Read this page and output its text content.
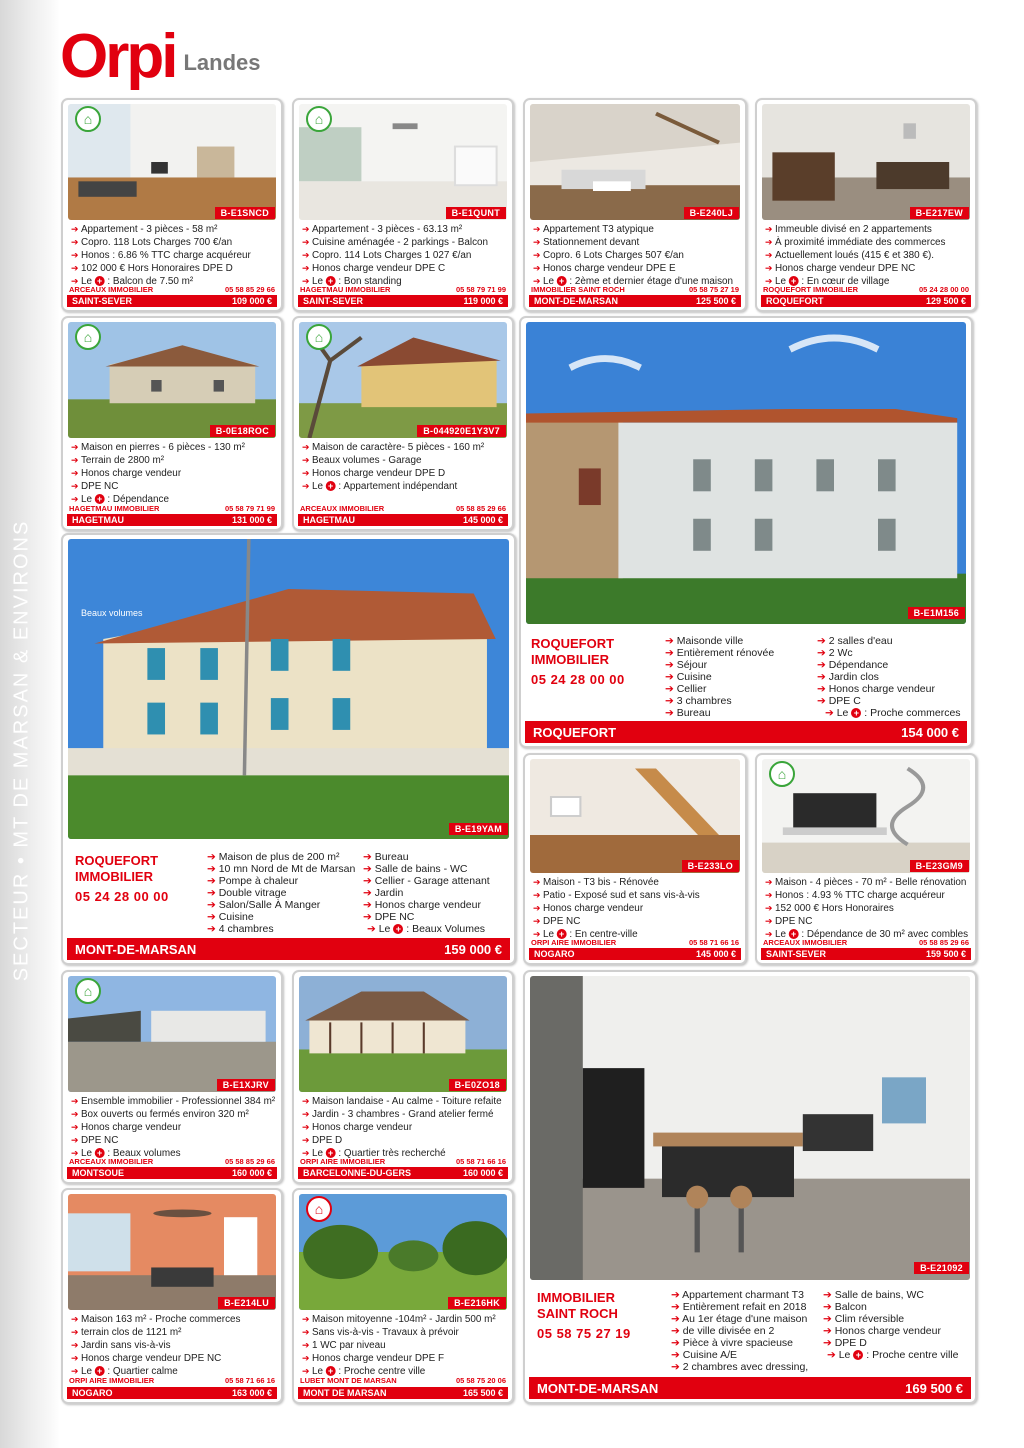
Orpi Landes
SECTEUR • MT DE MARSAN & ENVIRONS
⌂
B-E1SNCD
➔ Appartement - 3 pièces - 58 m²
➔ Copro. 118 Lots Charges 700 €/an
➔ Honos : 6.86 % TTC charge acquéreur
➔ 102 000 € Hors Honoraires DPE D
➔ Le + : Balcon de 7.50 m²
ARCEAUX IMMOBILIER	05 58 85 29 66
SAINT-SEVER	109 000 €
⌂
B-E1QUNT
➔ Appartement - 3 pièces - 63.13 m²
➔ Cuisine aménagée - 2 parkings - Balcon
➔ Copro. 114 Lots Charges 1 027 €/an
➔ Honos charge vendeur DPE C
➔ Le + : Bon standing
HAGETMAU IMMOBILIER	05 58 79 71 99
SAINT-SEVER	119 000 €
B-E240LJ
➔ Appartement T3 atypique
➔ Stationnement devant
➔ Copro. 6 Lots Charges 507 €/an
➔ Honos charge vendeur DPE E
➔ Le + : 2ème et dernier étage d'une maison
IMMOBILIER SAINT ROCH	05 58 75 27 19
MONT-DE-MARSAN	125 500 €
B-E217EW
➔ Immeuble divisé en 2 appartements
➔ À proximité immédiate des commerces
➔ Actuellement loués (415 € et 380 €).
➔ Honos charge vendeur DPE NC
➔ Le + : En cœur de village
ROQUEFORT IMMOBILIER	05 24 28 00 00
ROQUEFORT	129 500 €
⌂
B-0E18ROC
➔ Maison en pierres - 6 pièces - 130 m²
➔ Terrain de 2800 m²
➔ Honos charge vendeur
➔ DPE NC
➔ Le + : Dépendance
HAGETMAU IMMOBILIER	05 58 79 71 99
HAGETMAU	131 000 €
⌂
B-044920E1Y3V7
➔ Maison de caractère- 5 pièces - 160 m²
➔ Beaux volumes - Garage
➔ Honos charge vendeur DPE D
➔ Le + : Appartement indépendant
ARCEAUX IMMOBILIER	05 58 85 29 66
HAGETMAU	145 000 €
B-E1M156
ROQUEFORT
IMMOBILIER
05 24 28 00 00
➔ Maisonde ville
➔ Entièrement rénovée
➔ Séjour
➔ Cuisine
➔ Cellier
➔ 3 chambres
➔ Bureau
➔ 2 salles d'eau
➔ 2 Wc
➔ Dépendance
➔ Jardin clos
➔ Honos charge vendeur
➔ DPE C
➔ Le + : Proche commerces
ROQUEFORT	154 000 €
Beaux volumes
B-E19YAM
ROQUEFORT
IMMOBILIER
05 24 28 00 00
➔ Maison de plus de 200 m²
➔ 10 mn Nord de Mt de Marsan
➔ Pompe à chaleur
➔ Double vitrage
➔ Salon/Salle À Manger
➔ Cuisine
➔ 4 chambres
➔ Bureau
➔ Salle de bains - WC
➔ Cellier - Garage attenant
➔ Jardin
➔ Honos charge vendeur
➔ DPE NC
➔ Le + : Beaux Volumes
MONT-DE-MARSAN	159 000 €
B-E233LO
➔ Maison - T3 bis - Rénovée
➔ Patio - Exposé sud et sans vis-à-vis
➔ Honos charge vendeur
➔ DPE NC
➔ Le + : En centre-ville
ORPI AIRE IMMOBILIER	05 58 71 66 16
NOGARO	145 000 €
⌂
B-E23GM9
➔ Maison - 4 pièces - 70 m² - Belle rénovation
➔ Honos : 4.93 % TTC charge acquéreur
➔ 152 000 € Hors Honoraires
➔ DPE NC
➔ Le + : Dépendance de 30 m² avec combles
ARCEAUX IMMOBILIER	05 58 85 29 66
SAINT-SEVER	159 500 €
⌂
B-E1XJRV
➔ Ensemble immobilier - Professionnel 384 m²
➔ Box ouverts ou fermés environ 320 m²
➔ Honos charge vendeur
➔ DPE NC
➔ Le + : Beaux volumes
ARCEAUX IMMOBILIER	05 58 85 29 66
MONTSOUE	160 000 €
B-E0ZO18
➔ Maison landaise - Au calme - Toiture refaite
➔ Jardin - 3 chambres - Grand atelier fermé
➔ Honos charge vendeur
➔ DPE D
➔ Le + : Quartier très recherché
ORPI AIRE IMMOBILIER	05 58 71 66 16
BARCELONNE-DU-GERS	160 000 €
B-E21092
IMMOBILIER
SAINT ROCH
05 58 75 27 19
➔ Appartement charmant T3
➔ Entièrement refait en 2018
➔ Au 1er étage d'une maison
➔ de ville divisée en 2
➔ Pièce à vivre spacieuse
➔ Cuisine A/E
➔ 2 chambres avec dressing,
➔ Salle de bains, WC
➔ Balcon
➔ Clim réversible
➔ Honos charge vendeur
➔ DPE D
➔ Le + : Proche centre ville
MONT-DE-MARSAN	169 500 €
B-E214LU
➔ Maison 163 m² - Proche commerces
➔ terrain clos de 1121 m²
➔ Jardin sans vis-à-vis
➔ Honos charge vendeur DPE NC
➔ Le + : Quartier calme
ORPI AIRE IMMOBILIER	05 58 71 66 16
NOGARO	163 000 €
⌂
B-E216HK
➔ Maison mitoyenne -104m² - Jardin 500 m²
➔ Sans vis-à-vis - Travaux à prévoir
➔ 1 WC par niveau
➔ Honos charge vendeur DPE F
➔ Le + : Proche centre ville
LUBET MONT DE MARSAN	05 58 75 20 06
MONT DE MARSAN	165 500 €
